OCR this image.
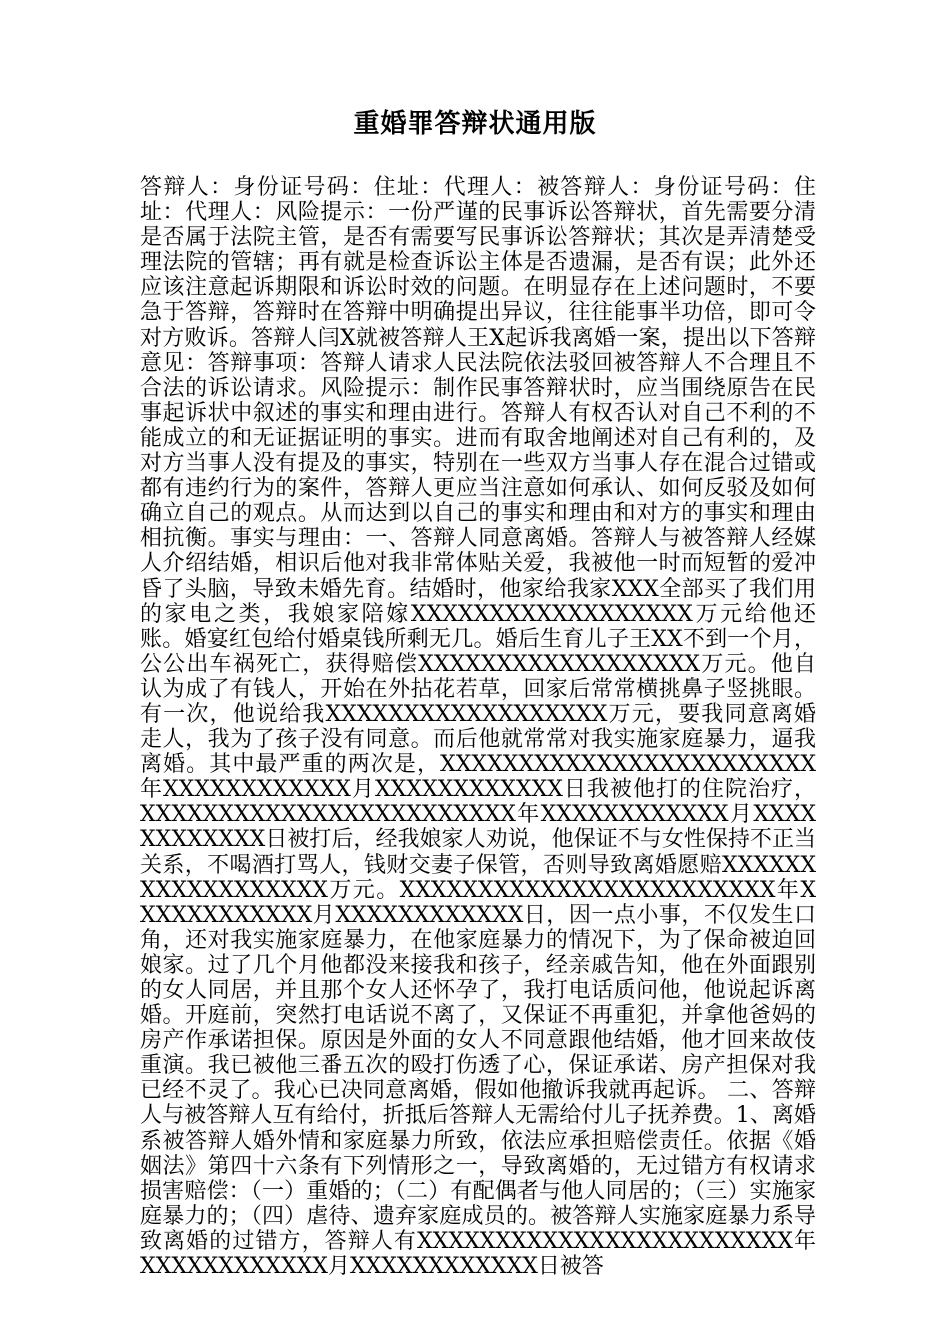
重婚罪答辩状通用版

答辩人：身份证号码：住址：代理人：被答辩人：身份证号码：住址：代理人：风险提示：一份严谨的民事诉讼答辩状，首先需要分清是否属于法院主管，是否有需要写民事诉讼答辩状；其次是弄清楚受理法院的管辖；再有就是检查诉讼主体是否遗漏，是否有误；此外还应该注意起诉期限和诉讼时效的问题。在明显存在上述问题时，不要急于答辩，答辩时在答辩中明确提出异议，往往能事半功倍，即可令对方败诉。答辩人闫X就被答辩人王X起诉我离婚一案，提出以下答辩意见：答辩事项：答辩人请求人民法院依法驳回被答辩人不合理且不合法的诉讼请求。风险提示：制作民事答辩状时，应当围绕原告在民事起诉状中叙述的事实和理由进行。答辩人有权否认对自己不利的不能成立的和无证据证明的事实。进而有取舍地阐述对自己有利的，及对方当事人没有提及的事实，特别在一些双方当事人存在混合过错或都有违约行为的案件，答辩人更应当注意如何承认、如何反驳及如何确立自己的观点。从而达到以自己的事实和理由和对方的事实和理由相抗衡。事实与理由：一、答辩人同意离婚。答辩人与被答辩人经媒人介绍结婚，相识后他对我非常体贴关爱，我被他一时而短暂的爱冲昏了头脑，导致未婚先育。结婚时，他家给我家XXX全部买了我们用的家电之类，我娘家陪嫁XXXXXXXXXXXXXXXXXX万元给他还账。婚宴红包给付婚桌钱所剩无几。婚后生育儿子王XX不到一个月，公公出车祸死亡，获得赔偿XXXXXXXXXXXXXXXXXX万元。他自认为成了有钱人，开始在外拈花若草，回家后常常横挑鼻子竖挑眼。有一次，他说给我XXXXXXXXXXXXXXXXXX万元，要我同意离婚走人，我为了孩子没有同意。而后他就常常对我实施家庭暴力，逼我离婚。其中最严重的两次是，XXXXXXXXXXXXXXXXXXXXXXXX年XXXXXXXXXXXX月XXXXXXXXXXXX日我被他打的住院治疗，XXXXXXXXXXXXXXXXXXXXXXXX年XXXXXXXXXXXX月XXXXXXXXXXXX日被打后，经我娘家人劝说，他保证不与女性保持不正当关系，不喝酒打骂人，钱财交妻子保管，否则导致离婚愿赔XXXXXXXXXXXXXXXXXX万元。XXXXXXXXXXXXXXXXXXXXXXXX年XXXXXXXXXXXX月XXXXXXXXXXXX日，因一点小事，不仅发生口角，还对我实施家庭暴力，在他家庭暴力的情况下，为了保命被迫回娘家。过了几个月他都没来接我和孩子，经亲戚告知，他在外面跟别的女人同居，并且那个女人还怀孕了，我打电话质问他，他说起诉离婚。开庭前，突然打电话说不离了，又保证不再重犯，并拿他爸妈的房产作承诺担保。原因是外面的女人不同意跟他结婚，他才回来故伎重演。我已被他三番五次的殴打伤透了心，保证承诺、房产担保对我已经不灵了。我心已决同意离婚，假如他撤诉我就再起诉。 二、答辩人与被答辩人互有给付，折抵后答辩人无需给付儿子抚养费。1、离婚系被答辩人婚外情和家庭暴力所致，依法应承担赔偿责任。依据《婚姻法》第四十六条有下列情形之一，导致离婚的，无过错方有权请求损害赔偿：（一）重婚的；（二）有配偶者与他人同居的；（三）实施家庭暴力的；（四）虐待、遗弃家庭成员的。被答辩人实施家庭暴力系导致离婚的过错方，答辩人有XXXXXXXXXXXXXXXXXXXXXXXX年XXXXXXXXXXXX月XXXXXXXXXXXX日被答
